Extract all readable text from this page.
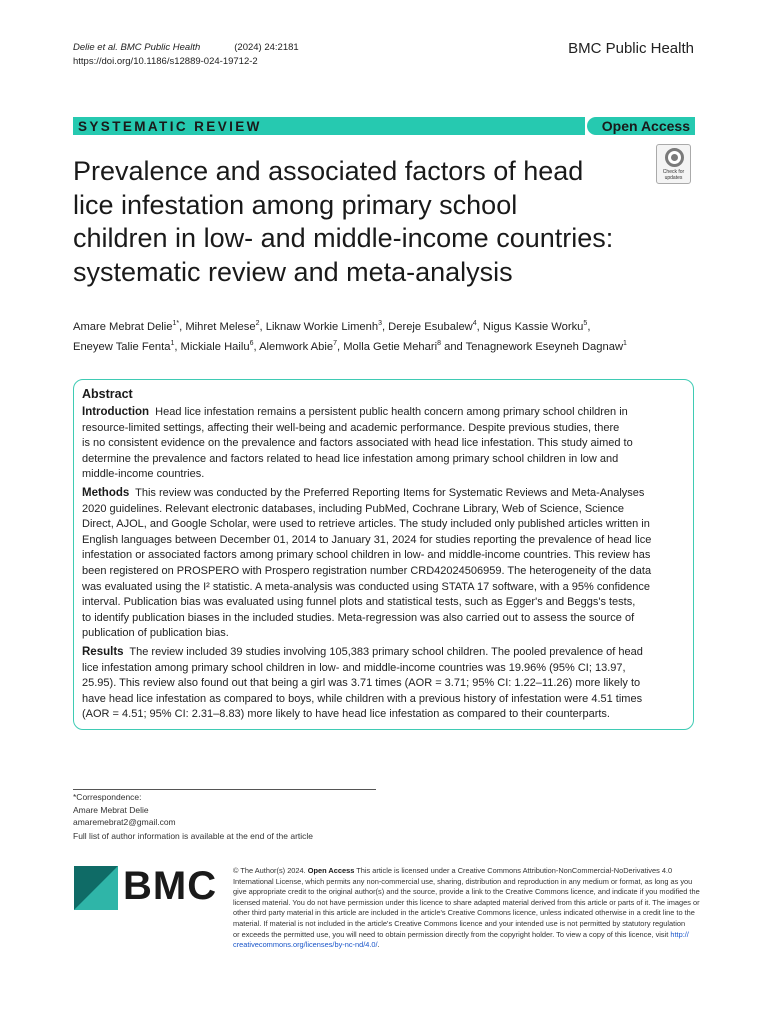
Delie et al. BMC Public Health	(2024) 24:2181
https://doi.org/10.1186/s12889-024-19712-2
BMC Public Health
SYSTEMATIC REVIEW	Open Access
Check for updates
Prevalence and associated factors of head
lice infestation among primary school
children in low- and middle-income countries:
systematic review and meta-analysis
Amare Mebrat Delie$^{1*}$, Mihret Melese$^2$, Liknaw Workie Limenh$^3$, Dereje Esubalew$^4$, Nigus Kassie Worku$^5$,
Eneyew Talie Fenta$^1$, Mickiale Hailu$^6$, Alemwork Abie$^7$, Molla Getie Mehari$^8$ and Tenagnework Eseyneh Dagnaw$^1$
Abstract
Introduction Head lice infestation remains a persistent public health concern among primary school children in
resource-limited settings, affecting their well-being and academic performance. Despite previous studies, there
is no consistent evidence on the prevalence and factors associated with head lice infestation. This study aimed to
determine the prevalence and factors related to head lice infestation among primary school children in low and
middle-income countries.
Methods This review was conducted by the Preferred Reporting Items for Systematic Reviews and Meta-Analyses
2020 guidelines. Relevant electronic databases, including PubMed, Cochrane Library, Web of Science, Science
Direct, AJOL, and Google Scholar, were used to retrieve articles. The study included only published articles written in
English languages between December 01, 2014 to January 31, 2024 for studies reporting the prevalence of head lice
infestation or associated factors among primary school children in low- and middle-income countries. This review has
been registered on PROSPERO with Prospero registration number CRD42024506959. The heterogeneity of the data
was evaluated using the I² statistic. A meta-analysis was conducted using STATA 17 software, with a 95% confidence
interval. Publication bias was evaluated using funnel plots and statistical tests, such as Egger's and Beggs's tests,
to identify publication biases in the included studies. Meta-regression was also carried out to assess the source of
publication of publication bias.
Results The review included 39 studies involving 105,383 primary school children. The pooled prevalence of head
lice infestation among primary school children in low- and middle-income countries was 19.96% (95% CI; 13.97,
25.95). This review also found out that being a girl was 3.71 times (AOR = 3.71; 95% CI: 1.22–11.26) more likely to
have head lice infestation as compared to boys, while children with a previous history of infestation were 4.51 times
(AOR = 4.51; 95% CI: 2.31–8.83) more likely to have head lice infestation as compared to their counterparts.
*Correspondence:
Amare Mebrat Delie
amaremebrat2@gmail.com
Full list of author information is available at the end of the article
BMC © The Author(s) 2024. Open Access This article is licensed under a Creative Commons Attribution-NonCommercial-NoDerivatives 4.0
International License, which permits any non-commercial use, sharing, distribution and reproduction in any medium or format, as long as you
give appropriate credit to the original author(s) and the source, provide a link to the Creative Commons licence, and indicate if you modified the
licensed material. You do not have permission under this licence to share adapted material derived from this article or parts of it. The images or
other third party material in this article are included in the article's Creative Commons licence, unless indicated otherwise in a credit line to the
material. If material is not included in the article's Creative Commons licence and your intended use is not permitted by statutory regulation
or exceeds the permitted use, you will need to obtain permission directly from the copyright holder. To view a copy of this licence, visit http://
creativecommons.org/licenses/by-nc-nd/4.0/.
